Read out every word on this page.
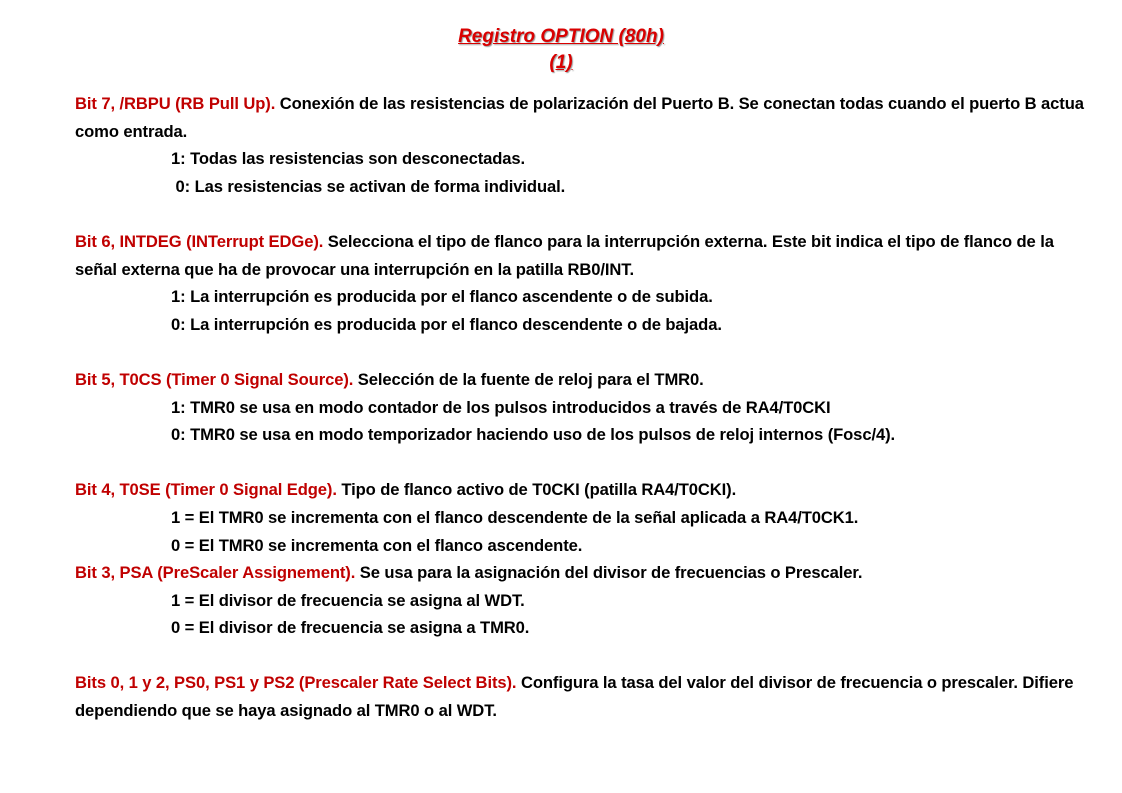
Registro OPTION (80h)
(1)

Bit 7, /RBPU (RB Pull Up). Conexión de las resistencias de polarización del Puerto B. Se conectan todas cuando el puerto B actua como entrada.

1: Todas las resistencias son desconectadas.
0: Las resistencias se activan de forma individual.

Bit 6, INTDEG (INTerrupt EDGe). Selecciona el tipo de flanco para la interrupción externa. Este bit indica el tipo de flanco de la señal externa que ha de provocar una interrupción en la patilla RB0/INT.

1: La interrupción es producida por el flanco ascendente o de subida.
0: La interrupción es producida por el flanco descendente o de bajada.

Bit 5, T0CS (Timer 0 Signal Source). Selección de la fuente de reloj para el TMR0.

1: TMR0 se usa en modo contador de los pulsos introducidos a través de RA4/T0CKI
0: TMR0 se usa en modo temporizador haciendo uso de los pulsos de reloj internos (Fosc/4).

Bit 4, T0SE (Timer 0 Signal Edge). Tipo de flanco activo de T0CKI (patilla RA4/T0CKI).

1 = El TMR0 se incrementa con el flanco descendente de la señal aplicada a RA4/T0CK1.
0 = El TMR0 se incrementa con el flanco ascendente.

Bit 3, PSA (PreScaler Assignement). Se usa para la asignación del divisor de frecuencias o Prescaler.

1 = El divisor de frecuencia se asigna al WDT.
0 = El divisor de frecuencia se asigna a TMR0.

Bits 0, 1 y 2, PS0, PS1 y PS2 (Prescaler Rate Select Bits). Configura la tasa del valor del divisor de frecuencia o prescaler. Difiere dependiendo que se haya asignado al TMR0 o al WDT.
